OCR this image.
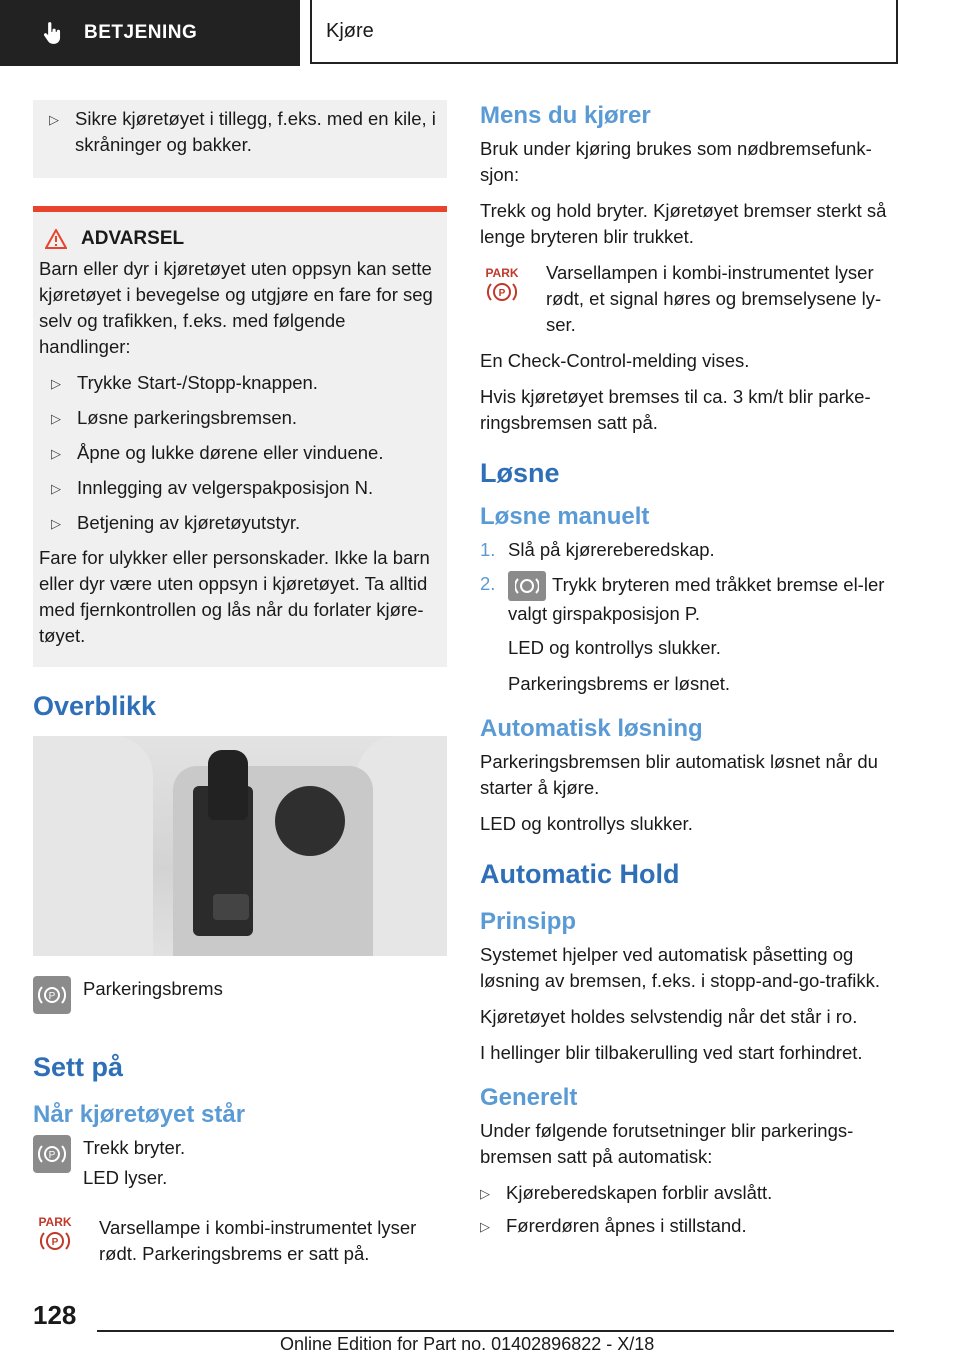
BETJENING	Kjøre
▷ Sikre kjøretøyet i tillegg, f.eks. med en kile, i skråninger og bakker.
ADVARSEL

Barn eller dyr i kjøretøyet uten oppsyn kan sette kjøretøyet i bevegelse og utgjøre en fare for seg selv og trafikken, f.eks. med følgende handlinger:

▷ Trykke Start-/Stopp-knappen.
▷ Løsne parkeringsbremsen.
▷ Åpne og lukke dørene eller vinduene.
▷ Innlegging av velgerspakposisjon N.
▷ Betjening av kjøretøyutstyr.

Fare for ulykker eller personskader. Ikke la barn eller dyr være uten oppsyn i kjøretøyet. Ta alltid med fjernkontrollen og lås når du forlater kjøre-tøyet.

Overblikk
P Parkeringsbrems

Sett på
Når kjøretøyet står
P Trekk bryter.

LED lyser.

PARK
P

Varsellampe i kombi-instrumentet lyser rødt. Parkeringsbrems er satt på.

Mens du kjører

Bruk under kjøring brukes som nødbremsefunk-sjon:

Trekk og hold bryter. Kjøretøyet bremser sterkt så lenge bryteren blir trukket.

PARK
P

Varsellampen i kombi-instrumentet lyser rødt, et signal høres og bremselysene ly-ser.

En Check-Control-melding vises.

Hvis kjøretøyet bremses til ca. 3 km/t blir parke-ringsbremsen satt på.

Løsne
Løsne manuelt
1. Slå på kjørereberedskap.
2.	Trykk bryteren med tråkket bremse el-ler valgt girspakposisjon P.

LED og kontrollys slukker.

Parkeringsbrems er løsnet.

Automatisk løsning

Parkeringsbremsen blir automatisk løsnet når du starter å kjøre.

LED og kontrollys slukker.

Automatic Hold
Prinsipp

Systemet hjelper ved automatisk påsetting og løsning av bremsen, f.eks. i stopp-and-go-trafikk.

Kjøretøyet holdes selvstendig når det står i ro.

I hellinger blir tilbakerulling ved start forhindret.

Generelt

Under følgende forutsetninger blir parkerings-bremsen satt på automatisk:

▷ Kjøreberedskapen forblir avslått.
▷ Førerdøren åpnes i stillstand.
128
Online Edition for Part no. 01402896822 - X/18
